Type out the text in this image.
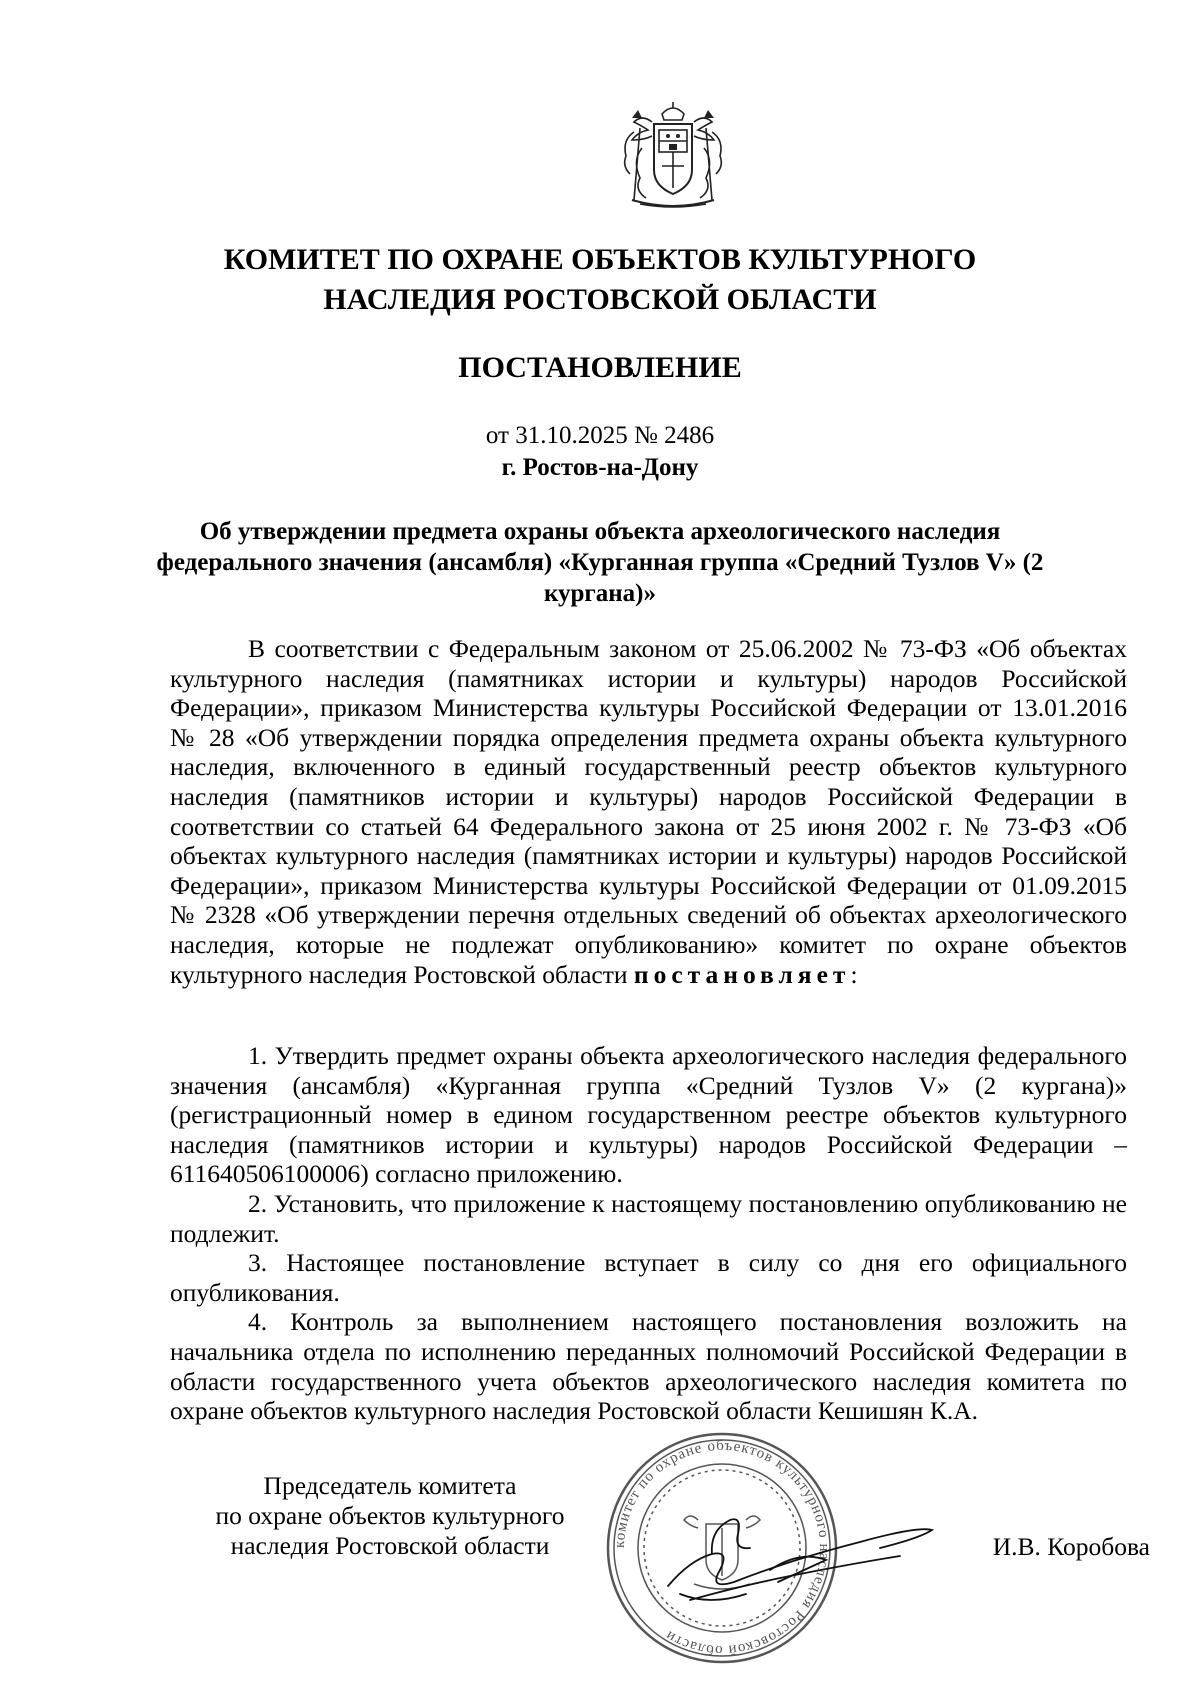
КОМИТЕТ ПО ОХРАНЕ ОБЪЕКТОВ КУЛЬТУРНОГО НАСЛЕДИЯ РОСТОВСКОЙ ОБЛАСТИ
ПОСТАНОВЛЕНИЕ
от 31.10.2025 № 2486
г. Ростов-на-Дону
Об утверждении предмета охраны объекта археологического наследия федерального значения (ансамбля) «Курганная группа «Средний Тузлов V» (2 кургана)»

В соответствии с Федеральным законом от 25.06.2002 № 73-ФЗ «Об объектах культурного наследия (памятниках истории и культуры) народов Российской Федерации», приказом Министерства культуры Российской Федерации от 13.01.2016 № 28 «Об утверждении порядка определения предмета охраны объекта культурного наследия, включенного в единый государственный реестр объектов культурного наследия (памятников истории и культуры) народов Российской Федерации в соответствии со статьей 64 Федерального закона от 25 июня 2002 г. № 73-ФЗ «Об объектах культурного наследия (памятниках истории и культуры) народов Российской Федерации», приказом Министерства культуры Российской Федерации от 01.09.2015 № 2328 «Об утверждении перечня отдельных сведений об объектах археологического наследия, которые не подлежат опубликованию» комитет по охране объектов культурного наследия Ростовской области постановляет:

1. Утвердить предмет охраны объекта археологического наследия федерального значения (ансамбля) «Курганная группа «Средний Тузлов V» (2 кургана)» (регистрационный номер в едином государственном реестре объектов культурного наследия (памятников истории и культуры) народов Российской Федерации – 611640506100006) согласно приложению.

2. Установить, что приложение к настоящему постановлению опубликованию не подлежит.

3. Настоящее постановление вступает в силу со дня его официального опубликования.

4. Контроль за выполнением настоящего постановления возложить на начальника отдела по исполнению переданных полномочий Российской Федерации в области государственного учета объектов археологического наследия комитета по охране объектов культурного наследия Ростовской области Кешишян К.А.

Председатель комитета
по охране объектов культурного
наследия Ростовской области	комитет по охране объектов культурного наследия Ростовской области
И.В. Коробова
